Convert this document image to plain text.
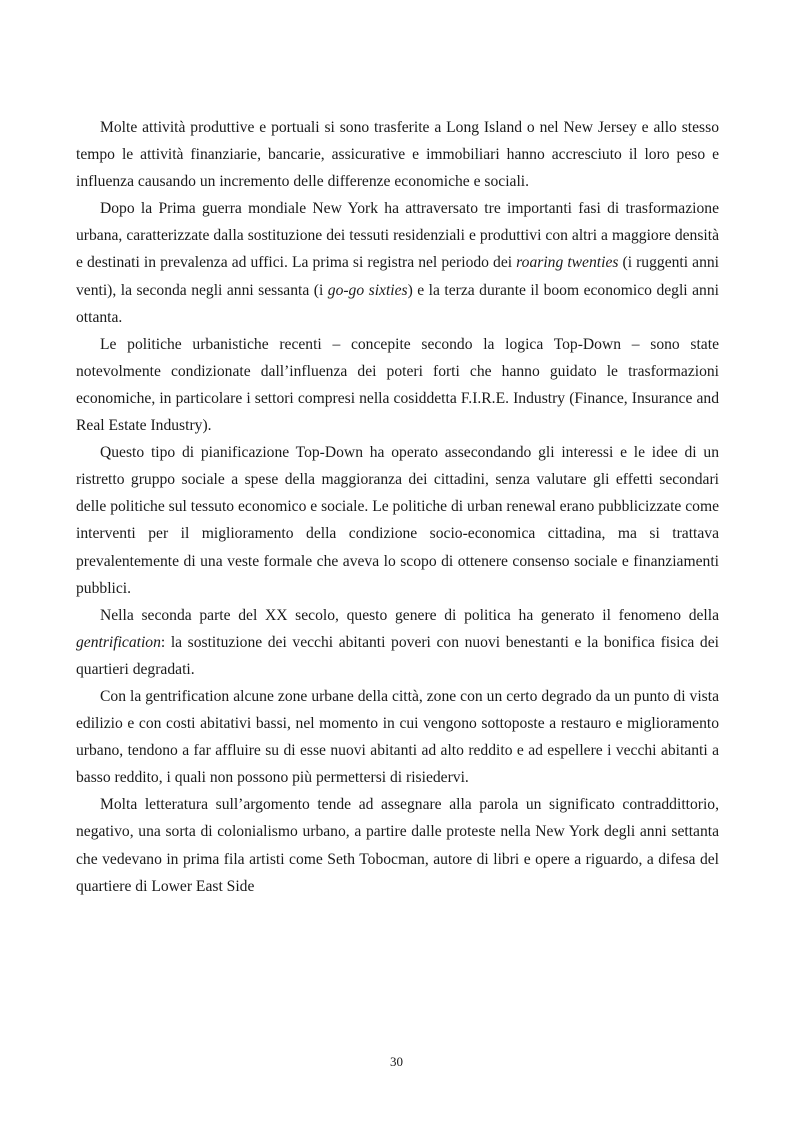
Molte attività produttive e portuali si sono trasferite a Long Island o nel New Jersey e allo stesso tempo le attività finanziarie, bancarie, assicurative e immobiliari hanno accresciuto il loro peso e influenza causando un incremento delle differenze economiche e sociali.

Dopo la Prima guerra mondiale New York ha attraversato tre importanti fasi di trasformazione urbana, caratterizzate dalla sostituzione dei tessuti residenziali e produttivi con altri a maggiore densità e destinati in prevalenza ad uffici. La prima si registra nel periodo dei roaring twenties (i ruggenti anni venti), la seconda negli anni sessanta (i go-go sixties) e la terza durante il boom economico degli anni ottanta.

Le politiche urbanistiche recenti – concepite secondo la logica Top-Down – sono state notevolmente condizionate dall’influenza dei poteri forti che hanno guidato le trasformazioni economiche, in particolare i settori compresi nella cosiddetta F.I.R.E. Industry (Finance, Insurance and Real Estate Industry).

Questo tipo di pianificazione Top-Down ha operato assecondando gli interessi e le idee di un ristretto gruppo sociale a spese della maggioranza dei cittadini, senza valutare gli effetti secondari delle politiche sul tessuto economico e sociale. Le politiche di urban renewal erano pubblicizzate come interventi per il miglioramento della condizione socio-economica cittadina, ma si trattava prevalentemente di una veste formale che aveva lo scopo di ottenere consenso sociale e finanziamenti pubblici.

Nella seconda parte del XX secolo, questo genere di politica ha generato il fenomeno della gentrification: la sostituzione dei vecchi abitanti poveri con nuovi benestanti e la bonifica fisica dei quartieri degradati.

Con la gentrification alcune zone urbane della città, zone con un certo degrado da un punto di vista edilizio e con costi abitativi bassi, nel momento in cui vengono sottoposte a restauro e miglioramento urbano, tendono a far affluire su di esse nuovi abitanti ad alto reddito e ad espellere i vecchi abitanti a basso reddito, i quali non possono più permettersi di risiedervi.

Molta letteratura sull’argomento tende ad assegnare alla parola un significato contraddittorio, negativo, una sorta di colonialismo urbano, a partire dalle proteste nella New York degli anni settanta che vedevano in prima fila artisti come Seth Tobocman, autore di libri e opere a riguardo, a difesa del quartiere di Lower East Side

30
